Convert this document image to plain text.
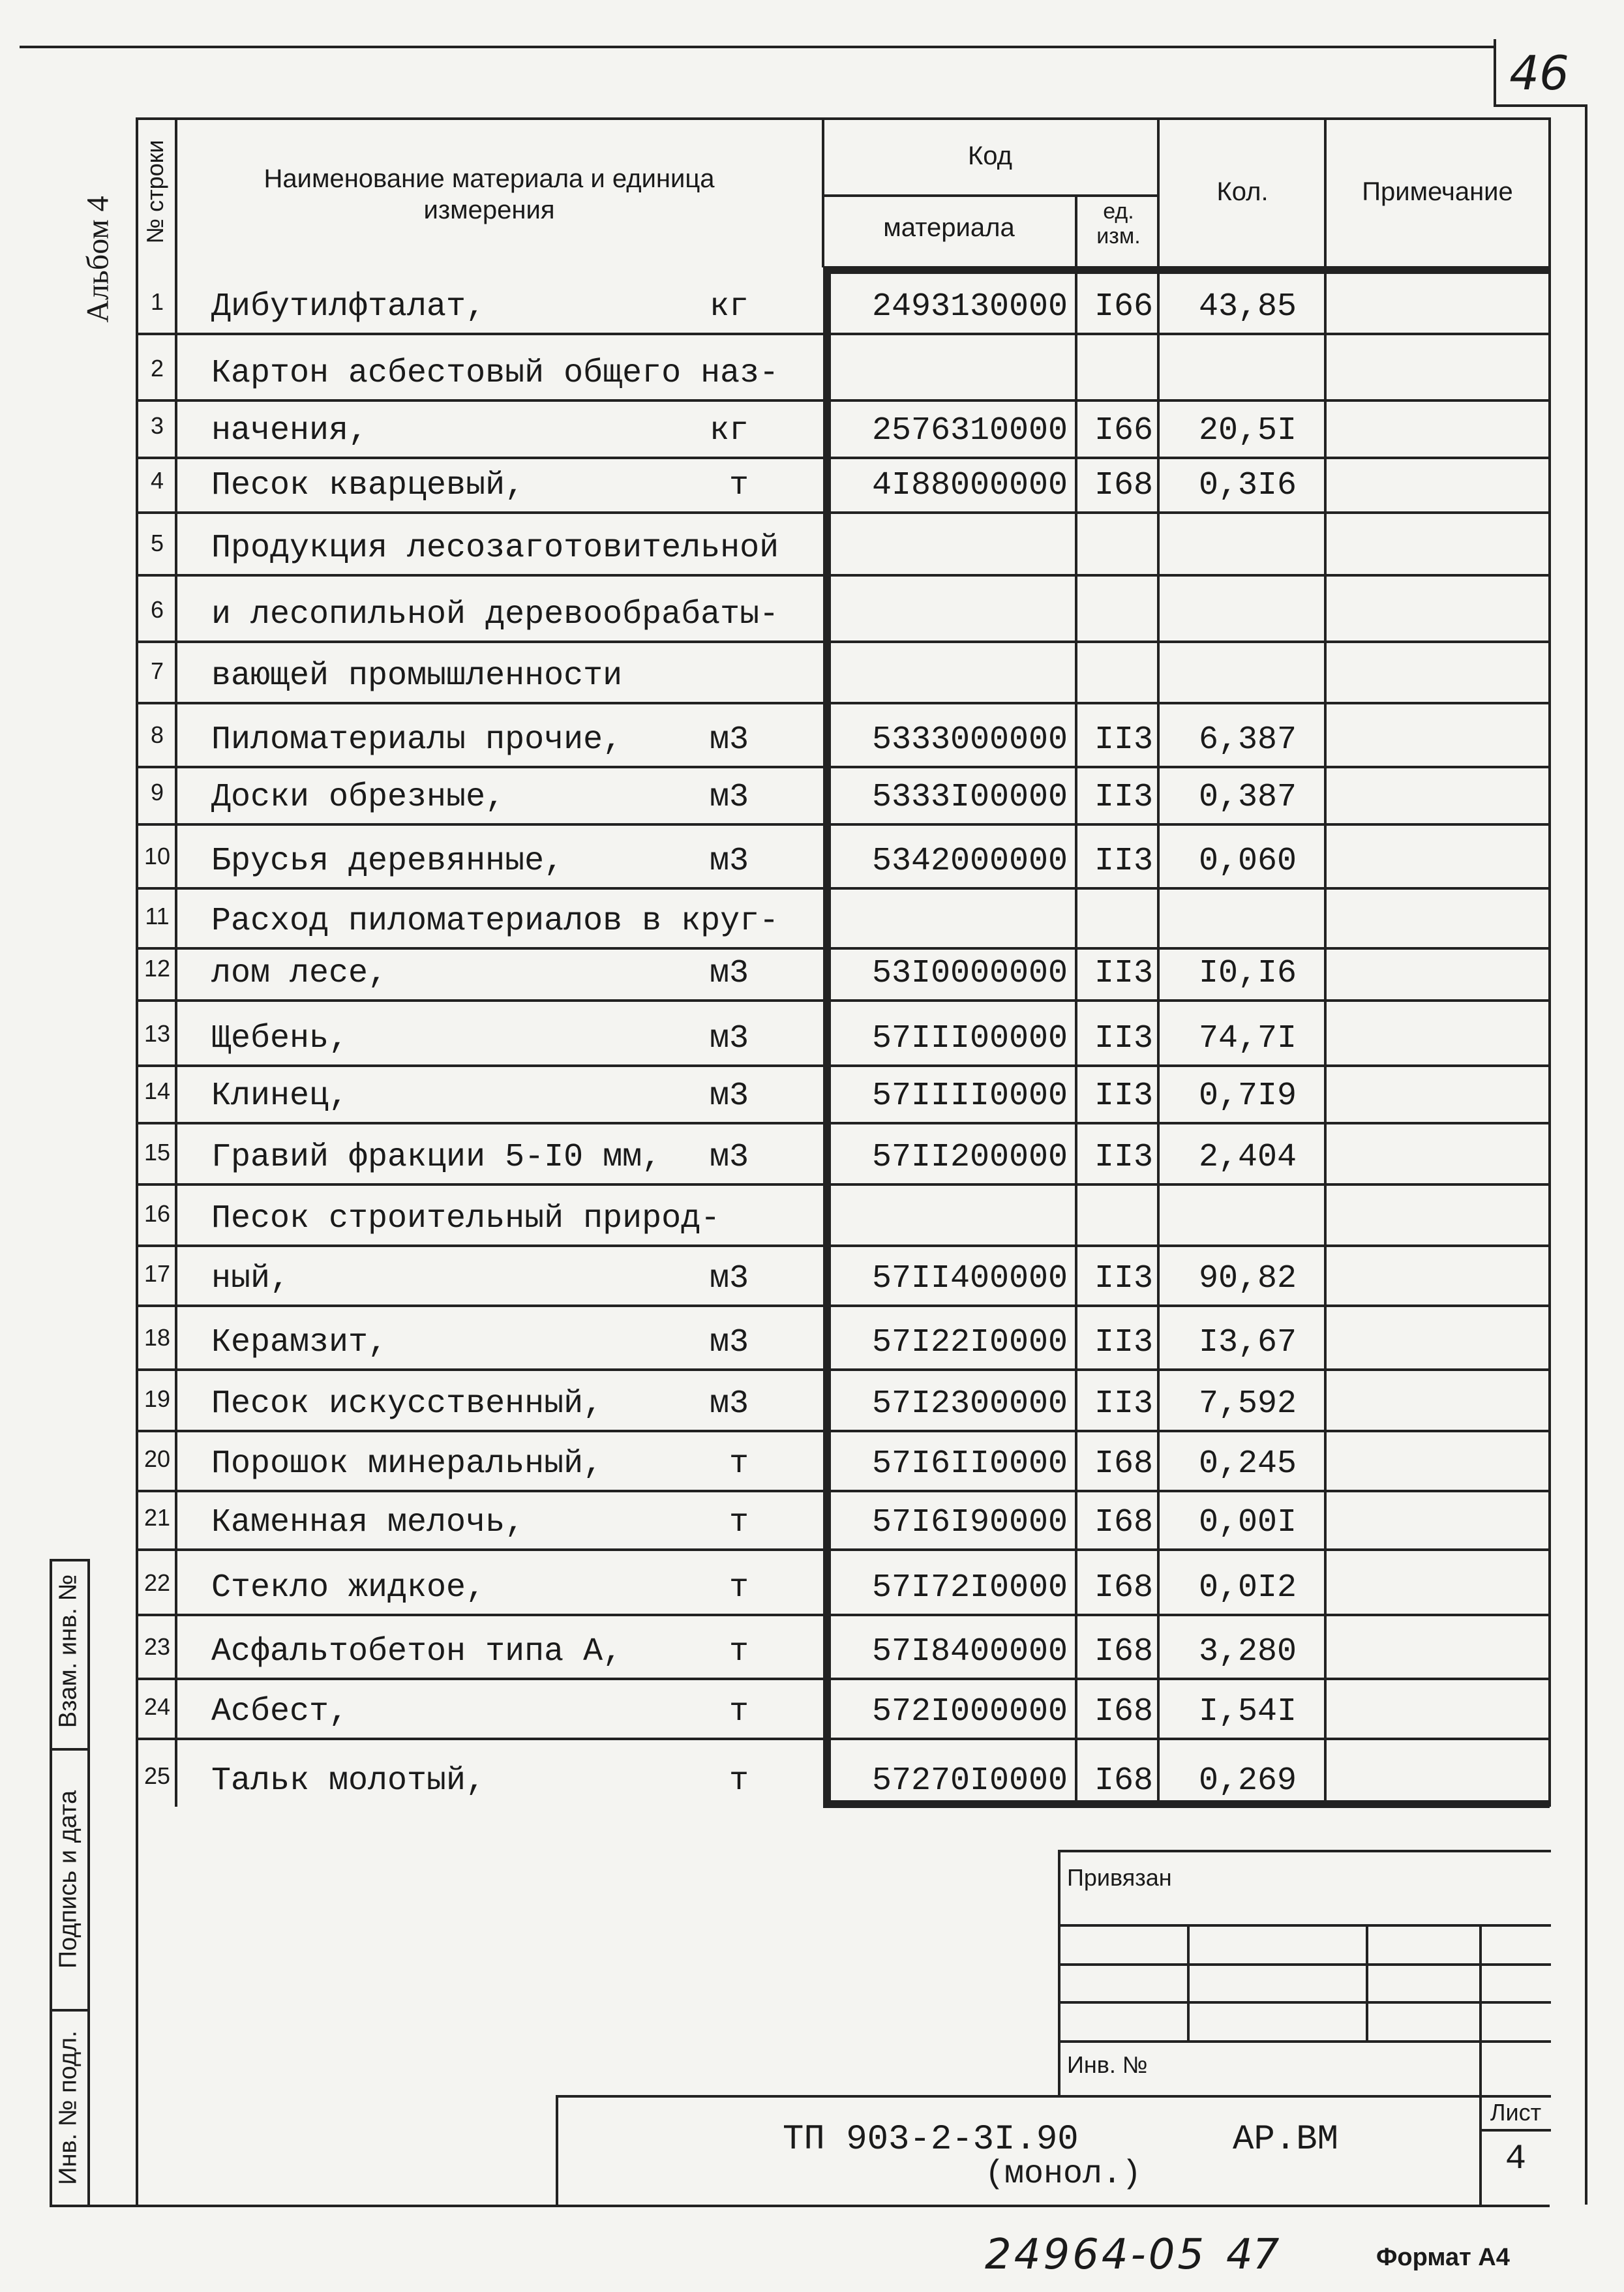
46
Альбом 4
№ строки	Наименование материала и единица измерения
Код
материала
ед. изм.
Кол.	Примечание
1	Дибутилфталат,	кг	2493130000 I66	43,85
2	Картон асбестовый общего наз-
3	начения,	кг	2576310000 I66	20,5I
4	Песок кварцевый,	т	4I88000000 I68	0,3I6
5	Продукция лесозаготовительной
6	и лесопильной деревообрабаты-
7	вающей промышленности
8	Пиломатериалы прочие,	м3	5333000000 II3	6,387
9	Доски обрезные,	м3	5333I00000 II3	0,387
10 Брусья деревянные,	м3	5342000000 II3	0,060
11 Расход пиломатериалов в круг-
12 лом лесе,	м3	53I0000000 II3	I0,I6
13 Щебень,	м3	57III00000 II3	74,7I
14 Клинец,	м3	57IIII0000 II3	0,7I9
15 Гравий фракции 5-I0 мм, м3	57II200000 II3	2,404
16 Песок строительный природ-
17 ный,	м3	57II400000 II3	90,82
18 Керамзит,	м3	57I22I0000 II3	I3,67
19 Песок искусственный,	м3	57I2300000 II3	7,592
20 Порошок минеральный,	т	57I6II0000 I68	0,245
21 Каменная мелочь,	т	57I6I90000 I68	0,00I
22 Стекло жидкое,	т	57I72I0000 I68	0,0I2
23 Асфальтобетон типа А,	т	57I8400000 I68	3,280
24 Асбест,	т	572I000000 I68	I,54I
25 Тальк молотый,	т	57270I0000 I68	0,269
Взам. инв. №
Подпись и дата
Инв. № подл.
Привязан
Инв. №
ТП 903-2-3I.90
(монол.)
АР.ВМ
Лист
4
24964-05 47	Формат А4
